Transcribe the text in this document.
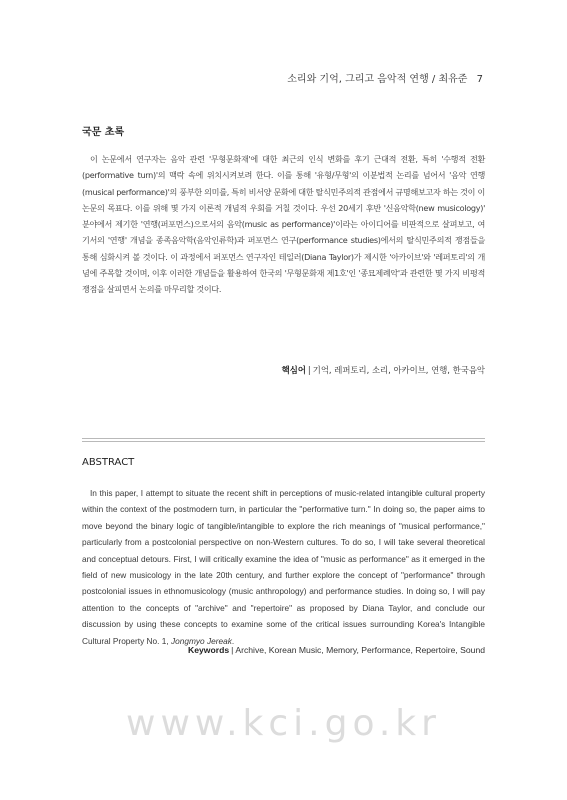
소리와 기억, 그리고 음악적 연행 / 최유준 7
국문 초록

이 논문에서 연구자는 음악 관련 '무형문화재'에 대한 최근의 인식 변화를 후기 근대적 전환, 특히 '수행적 전환(performative turn)'의 맥락 속에 위치시켜보려 한다. 이를 통해 '유형/무형'의 이분법적 논리를 넘어서 '음악 연행(musical performance)'의 풍부한 의미를, 특히 비서양 문화에 대한 탈식민주의적 관점에서 규명해보고자 하는 것이 이 논문의 목표다. 이를 위해 몇 가지 이론적 개념적 우회를 거칠 것이다. 우선 20세기 후반 '신음악학(new musicology)' 분야에서 제기한 '연행(퍼포먼스)으로서의 음악(music as performance)'이라는 아이디어를 비판적으로 살펴보고, 여기서의 '연행' 개념을 종족음악학(음악인류학)과 퍼포먼스 연구(performance studies)에서의 탈식민주의적 쟁점들을 통해 심화시켜 볼 것이다. 이 과정에서 퍼포먼스 연구자인 테일러(Diana Taylor)가 제시한 '아카이브'와 '레퍼토리'의 개념에 주목할 것이며, 이후 이러한 개념들을 활용하여 한국의 '무형문화재 제1호'인 '종묘제례악'과 관련한 몇 가지 비평적 쟁점을 살피면서 논의를 마무리할 것이다.

핵심어 | 기억, 레퍼토리, 소리, 아카이브, 연행, 한국음악
ABSTRACT

In this paper, I attempt to situate the recent shift in perceptions of music-related intangible cultural property within the context of the postmodern turn, in particular the "performative turn." In doing so, the paper aims to move beyond the binary logic of tangible/intangible to explore the rich meanings of "musical performance," particularly from a postcolonial perspective on non-Western cultures. To do so, I will take several theoretical and conceptual detours. First, I will critically examine the idea of "music as performance" as it emerged in the field of new musicology in the late 20th century, and further explore the concept of "performance" through postcolonial issues in ethnomusicology (music anthropology) and performance studies. In doing so, I will pay attention to the concepts of "archive" and "repertoire" as proposed by Diana Taylor, and conclude our discussion by using these concepts to examine some of the critical issues surrounding Korea's Intangible Cultural Property No. 1, Jongmyo Jereak.

Keywords | Archive, Korean Music, Memory, Performance, Repertoire, Sound
www.kci.go.kr
